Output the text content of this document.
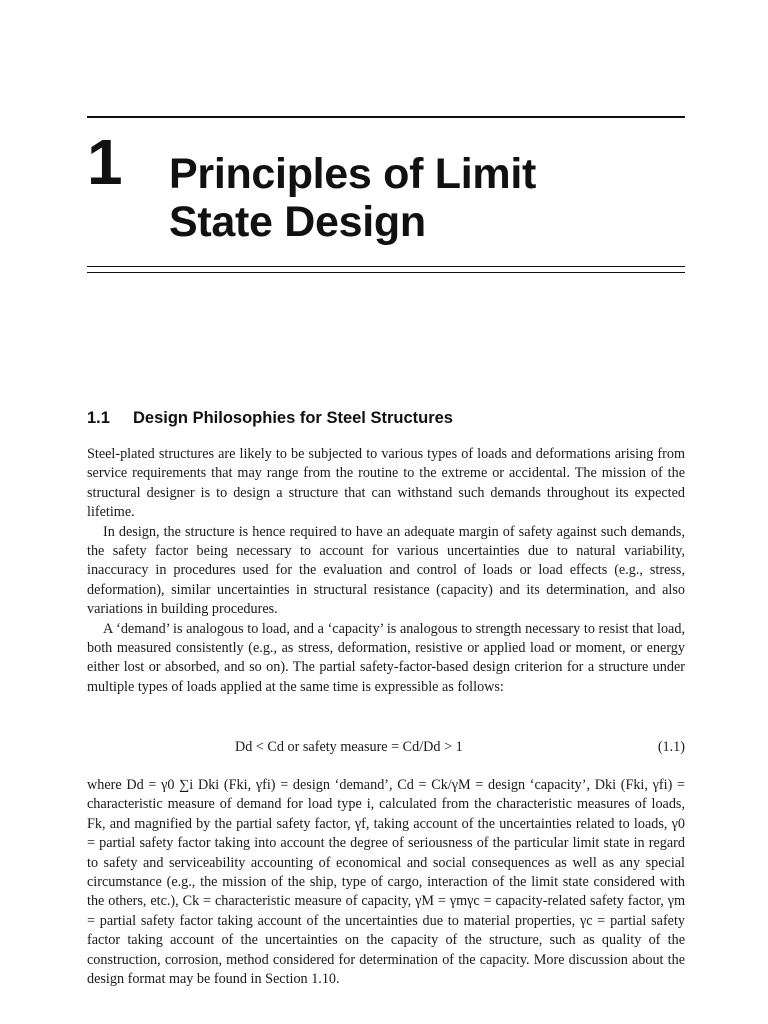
1 Principles of Limit
State Design
1.1 Design Philosophies for Steel Structures

Steel-plated structures are likely to be subjected to various types of loads and deformations arising from service requirements that may range from the routine to the extreme or accidental. The mission of the structural designer is to design a structure that can withstand such demands throughout its expected lifetime.

In design, the structure is hence required to have an adequate margin of safety against such demands, the safety factor being necessary to account for various uncertainties due to natural variability, inaccuracy in procedures used for the evaluation and control of loads or load effects (e.g., stress, deformation), similar uncertainties in structural resistance (capacity) and its determination, and also variations in building procedures.

A ‘demand’ is analogous to load, and a ‘capacity’ is analogous to strength necessary to resist that load, both measured consistently (e.g., as stress, deformation, resistive or applied load or moment, or energy either lost or absorbed, and so on). The partial safety-factor-based design criterion for a structure under multiple types of loads applied at the same time is expressible as follows:

Dd < Cd or safety measure = Cd/Dd > 1	(1.1)

where Dd = γ0 ∑i Dki (Fki, γfi) = design ‘demand’, Cd = Ck/γM = design ‘capacity’, Dki (Fki, γfi) = characteristic measure of demand for load type i, calculated from the characteristic measures of loads, Fk, and magnified by the partial safety factor, γf, taking account of the uncertainties related to loads, γ0 = partial safety factor taking into account the degree of seriousness of the particular limit state in regard to safety and serviceability accounting of economical and social consequences as well as any special circumstance (e.g., the mission of the ship, type of cargo, interaction of the limit state considered with the others, etc.), Ck = characteristic measure of capacity, γM = γmγc = capacity-related safety factor, γm = partial safety factor taking account of the uncertainties due to material properties, γc = partial safety factor taking account of the uncertainties on the capacity of the structure, such as quality of the construction, corrosion, method considered for determination of the capacity. More discussion about the design format may be found in Section 1.10.
